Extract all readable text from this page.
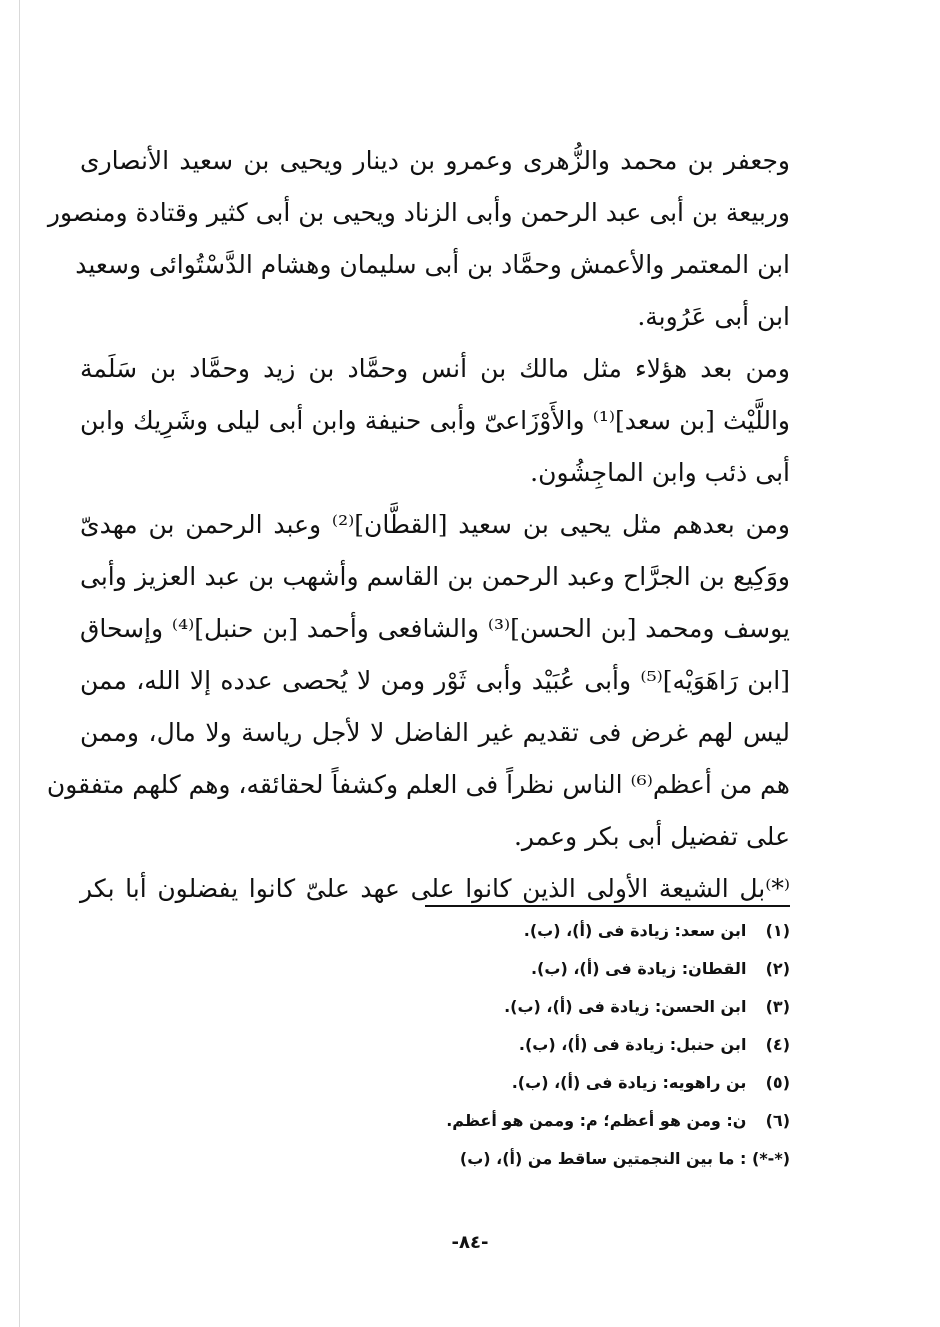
وجعفر بن محمد والزُّهرى وعمرو بن دينار ويحيى بن سعيد الأنصارى
وربيعة بن أبى عبد الرحمن وأبى الزناد ويحيى بن أبى كثير وقتادة ومنصور
ابن المعتمر والأعمش وحمَّاد بن أبى سليمان وهشام الدَّسْتُوائى وسعيد
ابن أبى عَرُوبة.
ومن بعد هؤلاء مثل مالك بن أنس وحمَّاد بن زيد وحمَّاد بن سَلَمة
واللَّيْث [بن سعد]⁽¹⁾ والأَوْزَاعىّ وأبى حنيفة وابن أبى ليلى وشَرِيك وابن
أبى ذئب وابن الماجِشُون.
ومن بعدهم مثل يحيى بن سعيد [القطَّان]⁽²⁾ وعبد الرحمن بن مهدىّ
ووَكِيع بن الجرَّاح وعبد الرحمن بن القاسم وأشهب بن عبد العزيز وأبى
يوسف ومحمد [بن الحسن]⁽³⁾ والشافعى وأحمد [بن حنبل]⁽⁴⁾ وإسحاق
[ابن رَاهَوَيْه]⁽⁵⁾ وأبى عُبَيْد وأبى ثَوْر ومن لا يُحصى عدده إلا الله، ممن
ليس لهم غرض فى تقديم غير الفاضل لا لأجل رياسة ولا مال، وممن
هم من أعظم⁽⁶⁾ الناس نظراً فى العلم وكشفاً لحقائقه، وهم كلهم متفقون
على تفضيل أبى بكر وعمر.
⁽*⁾بل الشيعة الأولى الذين كانوا على عهد علىّ كانوا يفضلون أبا بكر
(١) ابن سعد: زيادة فى (أ)، (ب).
(٢) القطان: زيادة فى (أ)، (ب).
(٣) ابن الحسن: زيادة فى (أ)، (ب).
(٤) ابن حنبل: زيادة فى (أ)، (ب).
(٥) بن راهويه: زيادة فى (أ)، (ب).
(٦) ن: ومن هو أعظم؛ م: وممن هو أعظم.
(*-*) : ما بين النجمتين ساقط من (أ)، (ب)
-٨٤-
